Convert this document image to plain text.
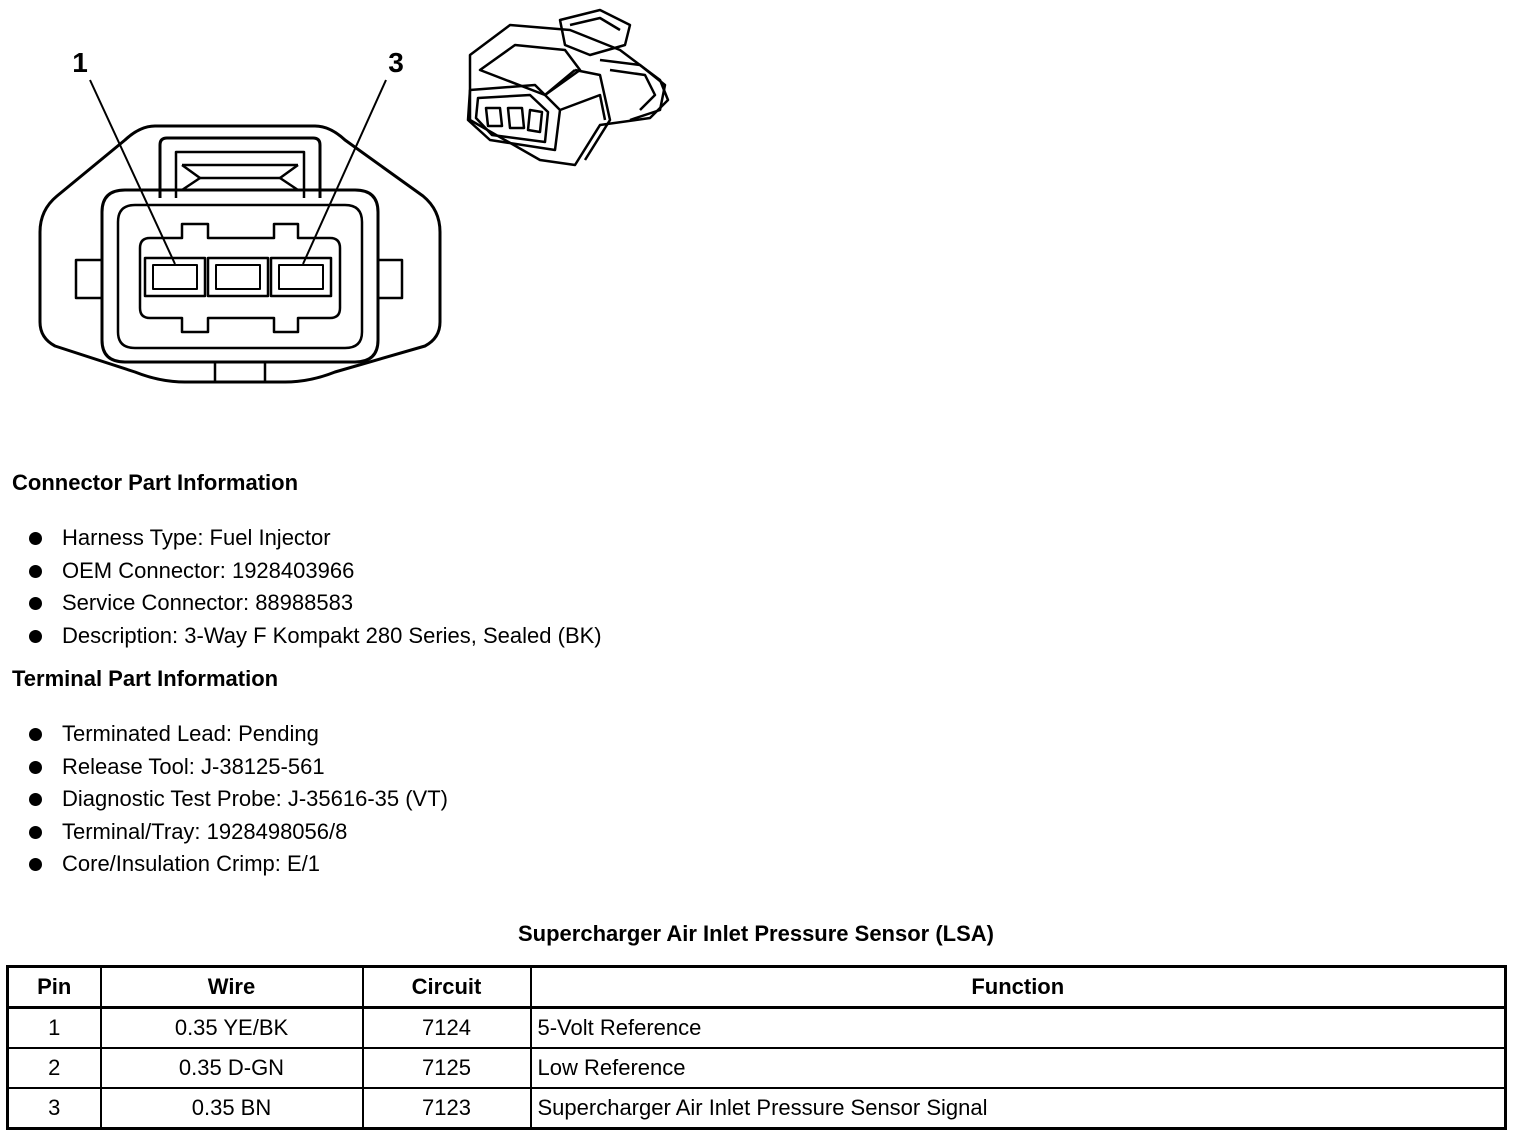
1	3
Connector Part Information
Harness Type: Fuel Injector
OEM Connector: 1928403966
Service Connector: 88988583
Description: 3-Way F Kompakt 280 Series, Sealed (BK)
Terminal Part Information
Terminated Lead: Pending
Release Tool: J-38125-561
Diagnostic Test Probe: J-35616-35 (VT)
Terminal/Tray: 1928498056/8
Core/Insulation Crimp: E/1
Supercharger Air Inlet Pressure Sensor (LSA)
Pin	Wire	Circuit	Function
1	0.35 YE/BK	7124	5-Volt Reference
2	0.35 D-GN	7125	Low Reference
3	0.35 BN	7123	Supercharger Air Inlet Pressure Sensor Signal
